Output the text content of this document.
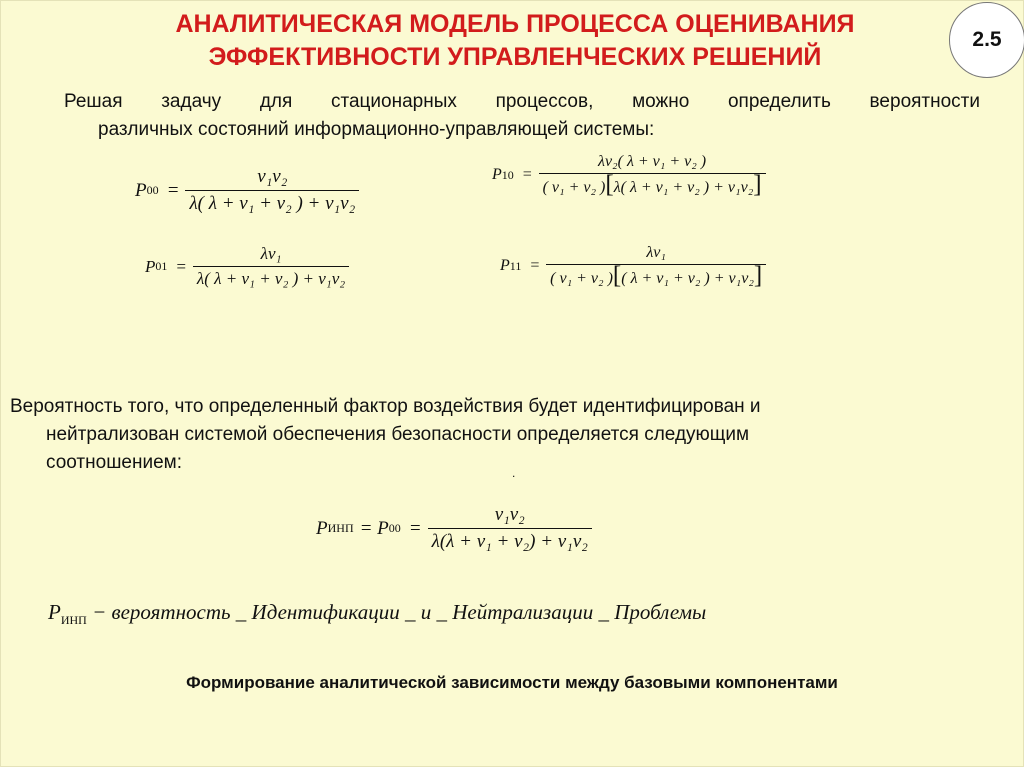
АНАЛИТИЧЕСКАЯ МОДЕЛЬ ПРОЦЕССА ОЦЕНИВАНИЯ
ЭФФЕКТИВНОСТИ УПРАВЛЕНЧЕСКИХ РЕШЕНИЙ
2.5
Решая задачу для стационарных процессов, можно определить вероятности
различных состояний информационно-управляющей системы:
P $00 = \frac{\text{ν₁ν₂}}{\text{λ( λ + ν₁ + ν₂ ) + ν₁ν₂}}$	P $10 = \frac{\text{λν₂( λ + ν₁ + ν₂ )}}{\text{( ν₁ + ν₂ )[λ( λ + ν₁ + ν₂ ) + ν₁ν₂]}}$
P $01 = \frac{\text{λν₁}}{\text{λ( λ + ν₁ + ν₂ ) + ν₁ν₂}}$	P $11 = \frac{\text{λν₁}}{\text{( ν₁ + ν₂ )[( λ + ν₁ + ν₂ ) + ν₁ν₂]}}$
Вероятность того, что определенный фактор воздействия будет идентифицирован и
нейтрализован системой обеспечения безопасности определяется следующим
соотношением:	.
P ИНП = P $00 = \frac{\text{ν₁ν₂}}{\text{λ(λ + ν₁ + ν₂) + ν₁ν₂}}$
$P_{ИНП}$ − вероятность _ Идентификации _ и _ Нейтрализации _ Проблемы
Формирование аналитической зависимости между базовыми компонентами
